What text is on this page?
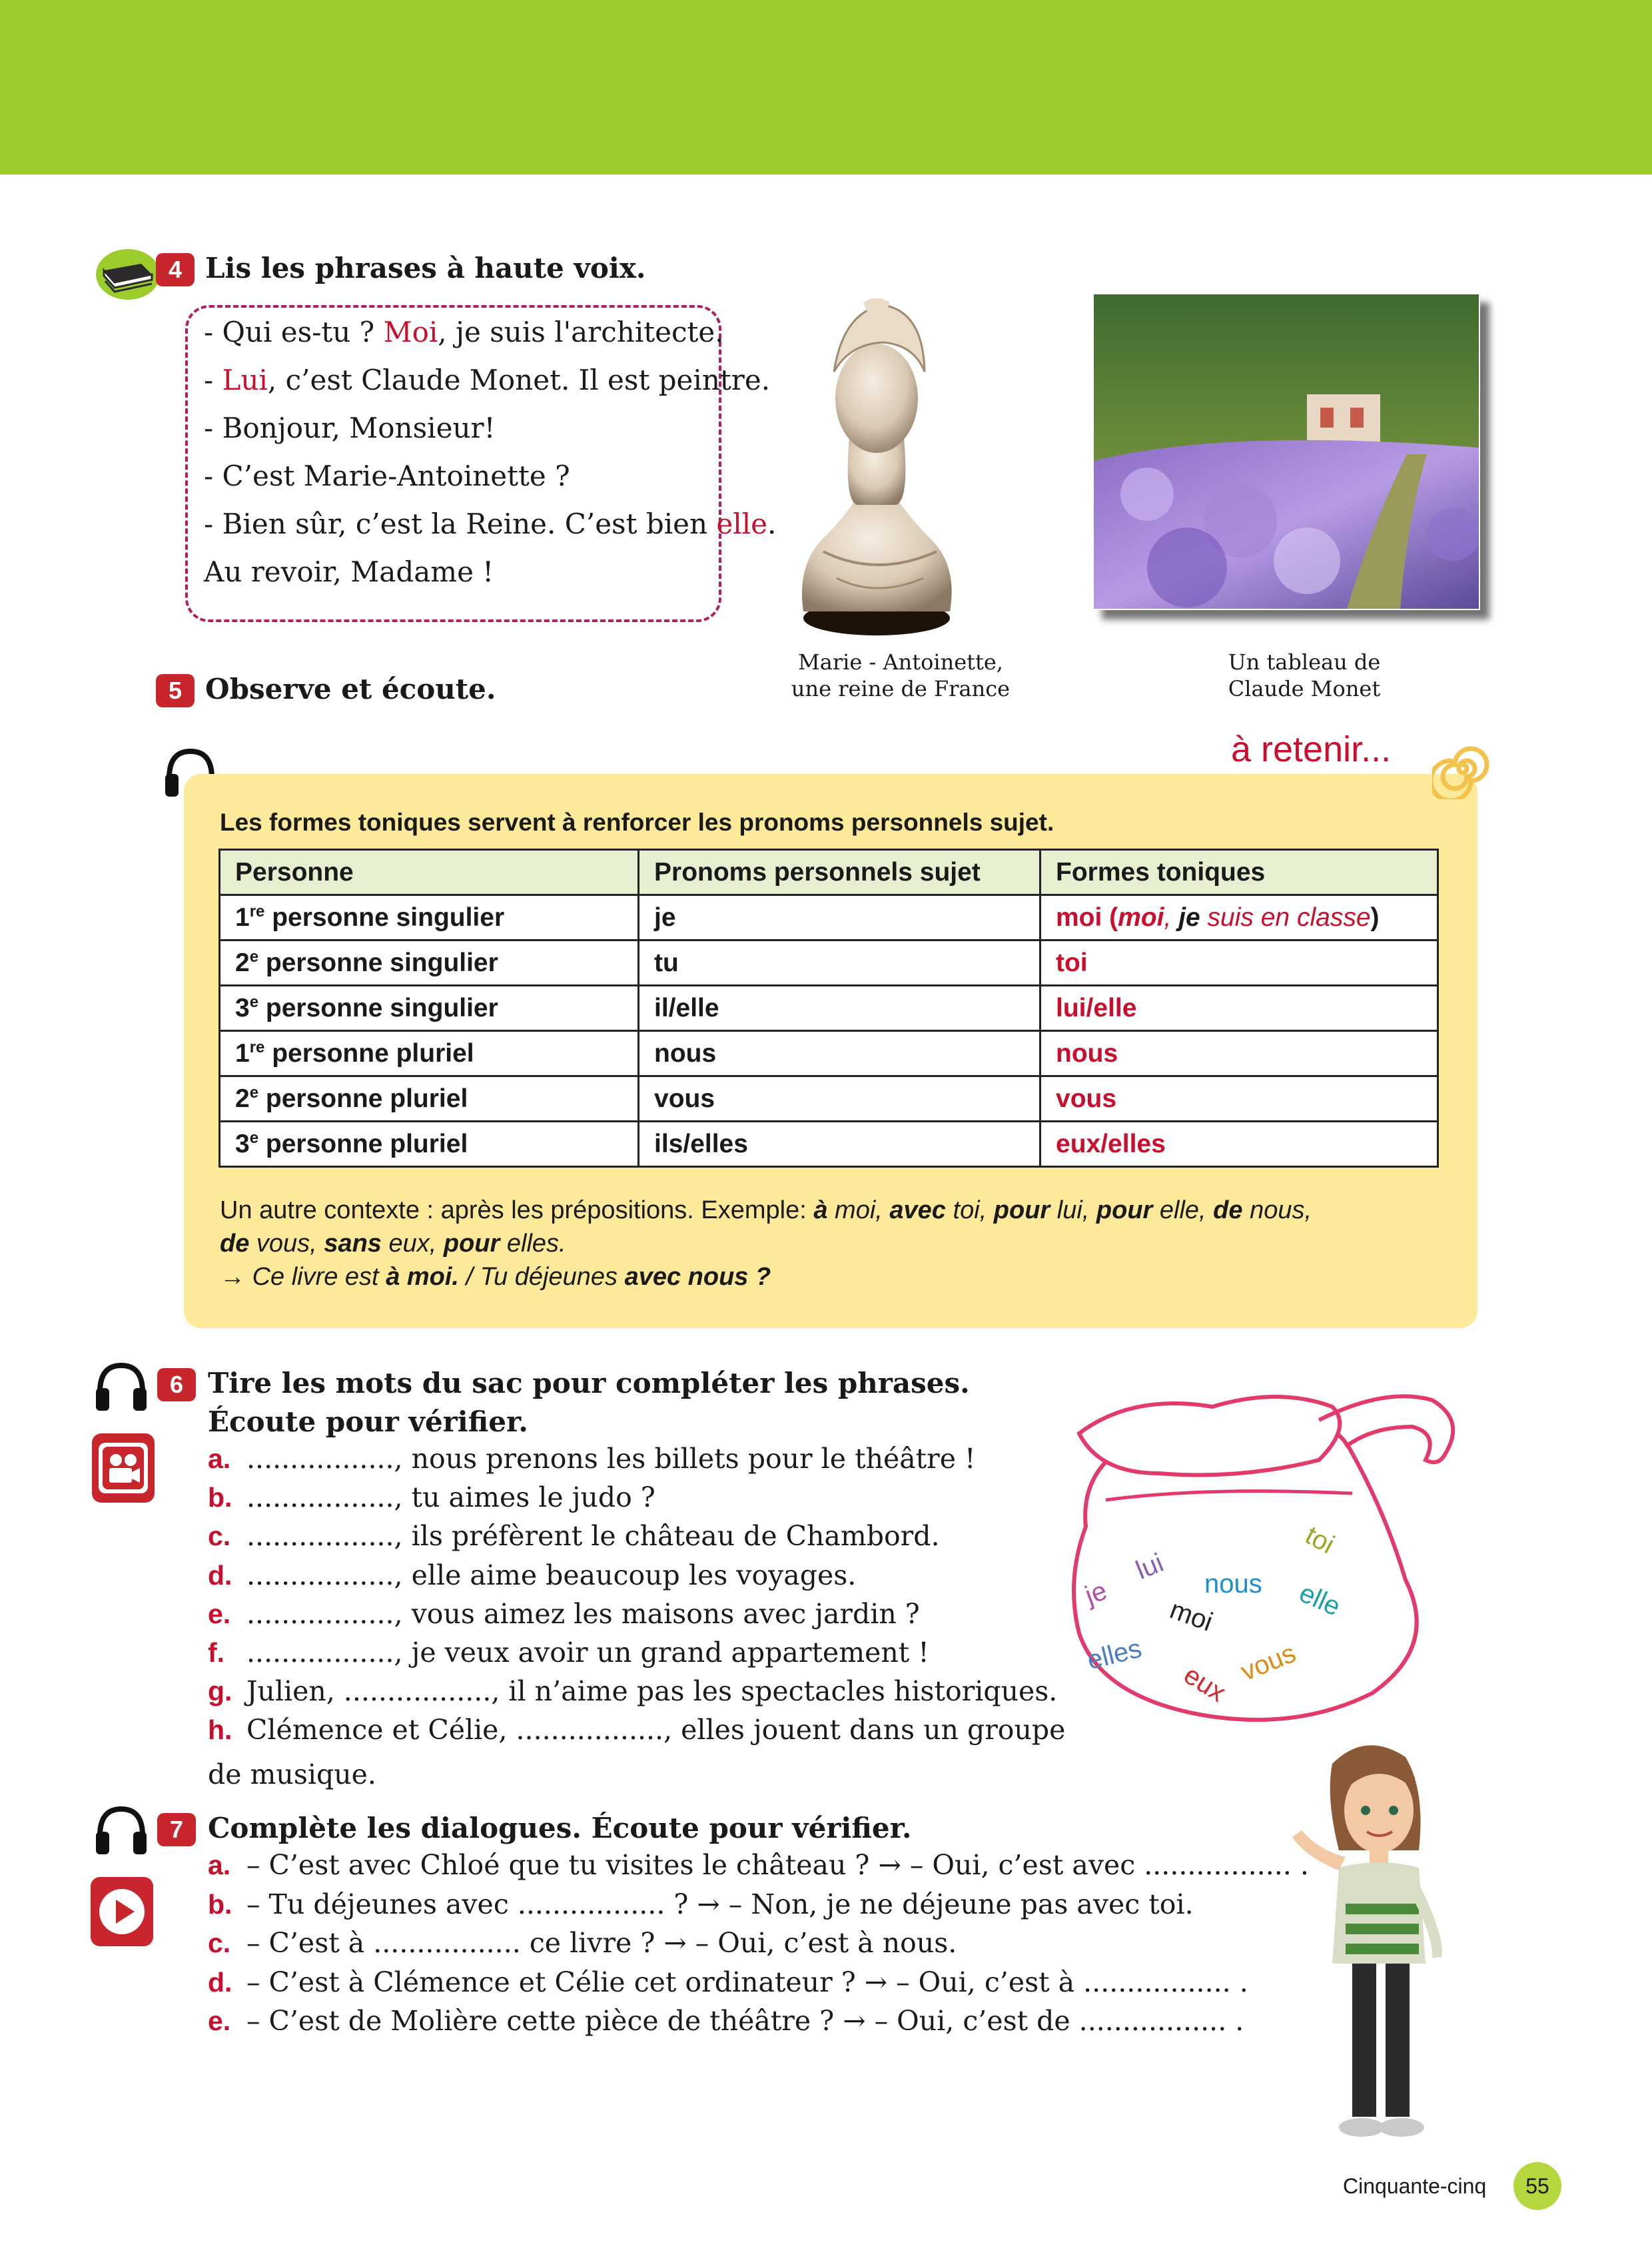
4 Lis les phrases à haute voix.
- Qui es-tu ? Moi, je suis l'architecte.
- Lui, c’est Claude Monet. Il est peintre.
- Bonjour, Monsieur!
- C’est Marie-Antoinette ?
- Bien sûr, c’est la Reine. C’est bien elle.
Au revoir, Madame !
Marie - Antoinette,
une reine de France
Un tableau de
Claude Monet
5 Observe et écoute.
à retenir...
Les formes toniques servent à renforcer les pronoms personnels sujet.
Personne	Pronoms personnels sujet	Formes toniques
1re personne singulier	je	moi (moi, je suis en classe)
2e personne singulier	tu	toi
3e personne singulier	il/elle	lui/elle
1re personne pluriel	nous	nous
2e personne pluriel	vous	vous
3e personne pluriel	ils/elles	eux/elles
Un autre contexte : après les prépositions. Exemple: à moi, avec toi, pour lui, pour elle, de nous,
de vous, sans eux, pour elles.
→ Ce livre est à moi. / Tu déjeunes avec nous ?
6 Tire les mots du sac pour compléter les phrases.
Écoute pour vérifier.
a. ................., nous prenons les billets pour le théâtre !
b. ................., tu aimes le judo ?
c. ................., ils préfèrent le château de Chambord.
d. ................., elle aime beaucoup les voyages.
e. ................., vous aimez les maisons avec jardin ?
f. ................., je veux avoir un grand appartement !
g. Julien, ................., il n’aime pas les spectacles historiques.
h. Clémence et Célie, ................., elles jouent dans un groupe
de musique.
toi
lui nous elle
je
moi
elles	vous
eux
7 Complète les dialogues. Écoute pour vérifier.
a. – C’est avec Chloé que tu visites le château ? → – Oui, c’est avec ................. .
b. – Tu déjeunes avec ................. ? → – Non, je ne déjeune pas avec toi.
c. – C’est à ................. ce livre ? → – Oui, c’est à nous.
d. – C’est à Clémence et Célie cet ordinateur ? → – Oui, c’est à ................. .
e. – C’est de Molière cette pièce de théâtre ? → – Oui, c’est de ................. .
Cinquante-cinq	55
